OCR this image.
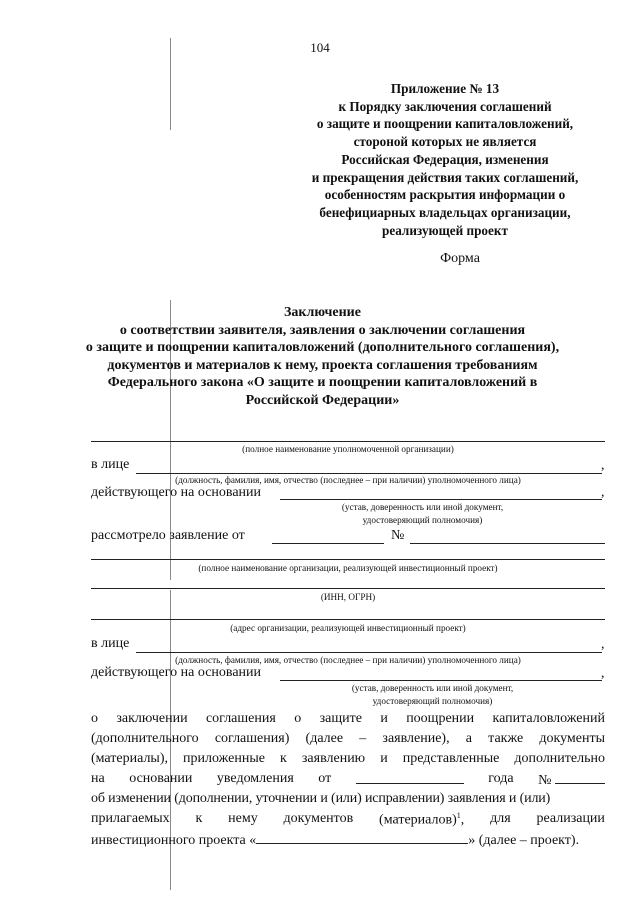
104
Приложение № 13
к Порядку заключения соглашений
о защите и поощрении капиталовложений,
стороной которых не является
Российская Федерация, изменения
и прекращения действия таких соглашений,
особенностям раскрытия информации о
бенефициарных владельцах организации,
реализующей проект
Форма
Заключение
о соответствии заявителя, заявления о заключении соглашения
о защите и поощрении капиталовложений (дополнительного соглашения),
документов и материалов к нему, проекта соглашения требованиям
Федерального закона «О защите и поощрении капиталовложений в
Российской Федерации»
(полное наименование уполномоченной организации)
в лице	,
(должность, фамилия, имя, отчество (последнее – при наличии) уполномоченного лица)
действующего на основании	,
(устав, доверенность или иной документ,
удостоверяющий полномочия)
рассмотрело заявление от	№
(полное наименование организации, реализующей инвестиционный проект)
(ИНН, ОГРН)
(адрес организации, реализующей инвестиционный проект)
в лице	,
(должность, фамилия, имя, отчество (последнее – при наличии) уполномоченного лица)
действующего на основании	,
(устав, доверенность или иной документ,
удостоверяющий полномочия)
о заключении соглашения о защите и поощрении капиталовложений
(дополнительного соглашения) (далее – заявление), а также документы
(материалы), приложенные к заявлению и представленные дополнительно
на основании уведомления от	года №
об изменении (дополнении, уточнении и (или) исправлении) заявления и (или)
прилагаемых к нему документов (материалов)$^1$, для реализации
инвестиционного проекта «	» (далее – проект).
